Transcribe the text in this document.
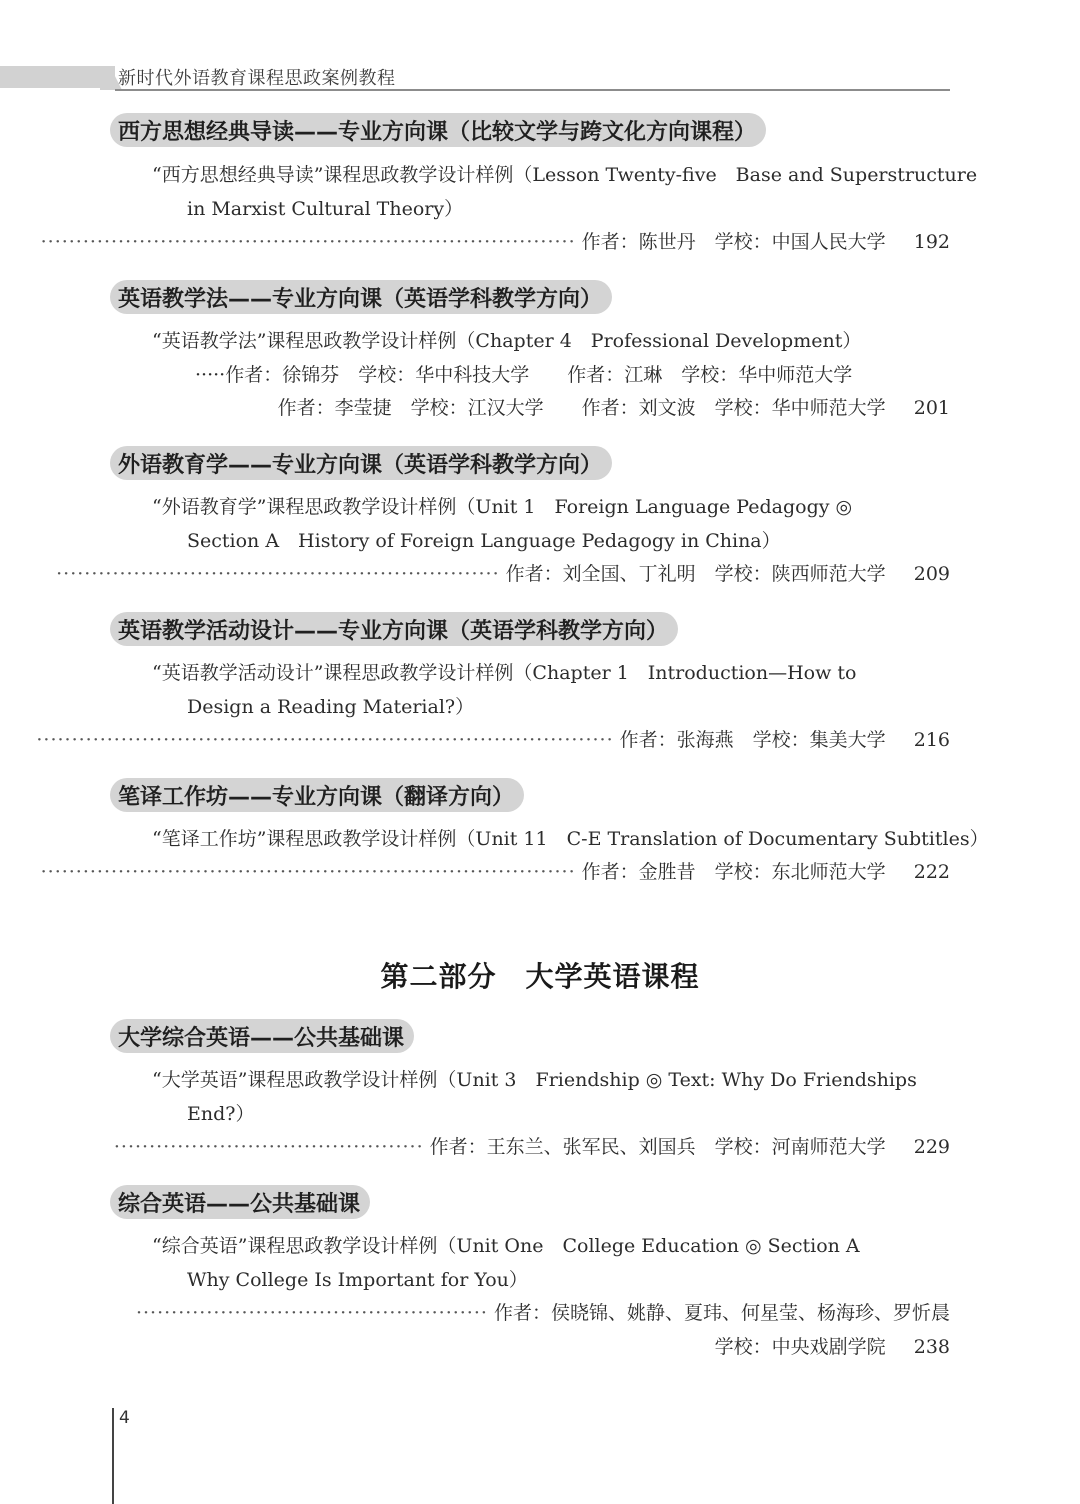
新时代外语教育课程思政案例教程
西方思想经典导读——专业方向课（比较文学与跨文化方向课程）
“西方思想经典导读”课程思政教学设计样例（Lesson Twenty-five　Base and Superstructure
in Marxist Cultural Theory）
············································································ 作者：陈世丹　学校：中国人民大学 192
英语教学法——专业方向课（英语学科教学方向）
“英语教学法”课程思政教学设计样例（Chapter 4　Professional Development）
·····作者：徐锦芬　学校：华中科技大学　　作者：江琳　学校：华中师范大学
作者：李莹捷　学校：江汉大学　　作者：刘文波　学校：华中师范大学 201
外语教育学——专业方向课（英语学科教学方向）
“外语教育学”课程思政教学设计样例（Unit 1　Foreign Language Pedagogy ◎
Section A　History of Foreign Language Pedagogy in China）
······························································· 作者：刘全国、丁礼明　学校：陕西师范大学 209
英语教学活动设计——专业方向课（英语学科教学方向）
“英语教学活动设计”课程思政教学设计样例（Chapter 1　Introduction—How to
Design a Reading Material?）
·················································································· 作者：张海燕　学校：集美大学 216
笔译工作坊——专业方向课（翻译方向）
“笔译工作坊”课程思政教学设计样例（Unit 11　C-E Translation of Documentary Subtitles）
············································································ 作者：金胜昔　学校：东北师范大学 222
第二部分　大学英语课程
大学综合英语——公共基础课
“大学英语”课程思政教学设计样例（Unit 3　Friendship ◎ Text: Why Do Friendships
End?）
············································ 作者：王东兰、张军民、刘国兵　学校：河南师范大学 229
综合英语——公共基础课
“综合英语”课程思政教学设计样例（Unit One　College Education ◎ Section A
Why College Is Important for You）
·················································· 作者：侯晓锦、姚静、夏玮、何星莹、杨海珍、罗忻晨
学校：中央戏剧学院 238
4
